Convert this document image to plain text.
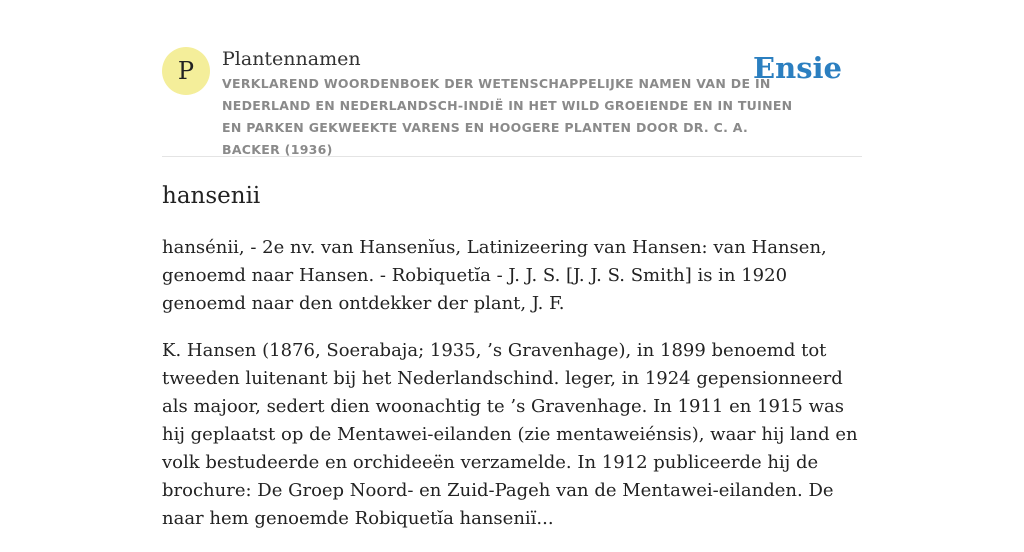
P	Plantennamen
VERKLAREND WOORDENBOEK DER WETENSCHAPPELIJKE NAMEN VAN DE IN NEDERLAND EN NEDERLANDSCH-INDIË IN HET WILD GROEIENDE EN IN TUINEN EN PARKEN GEKWEEKTE VARENS EN HOOGERE PLANTEN DOOR DR. C. A. BACKER (1936)
Ensie
hansenii

hansénii, - 2e nv. van Hansenĭus, Latinizeering van Hansen: van Hansen, genoemd naar Hansen. - Robiquetĭa - J. J. S. [J. J. S. Smith] is in 1920 genoemd naar den ontdekker der plant, J. F.

K. Hansen (1876, Soerabaja; 1935, ’s Gravenhage), in 1899 benoemd tot tweeden luitenant bij het Nederlandschind. leger, in 1924 gepensionneerd als majoor, sedert dien woonachtig te ’s Gravenhage. In 1911 en 1915 was hij geplaatst op de Mentawei-eilanden (zie mentaweiénsis), waar hij land en volk bestudeerde en orchideeën verzamelde. In 1912 publiceerde hij de brochure: De Groep Noord- en Zuid-Pageh van de Mentawei-eilanden. De naar hem genoemde Robiquetĭa hanseniï...
